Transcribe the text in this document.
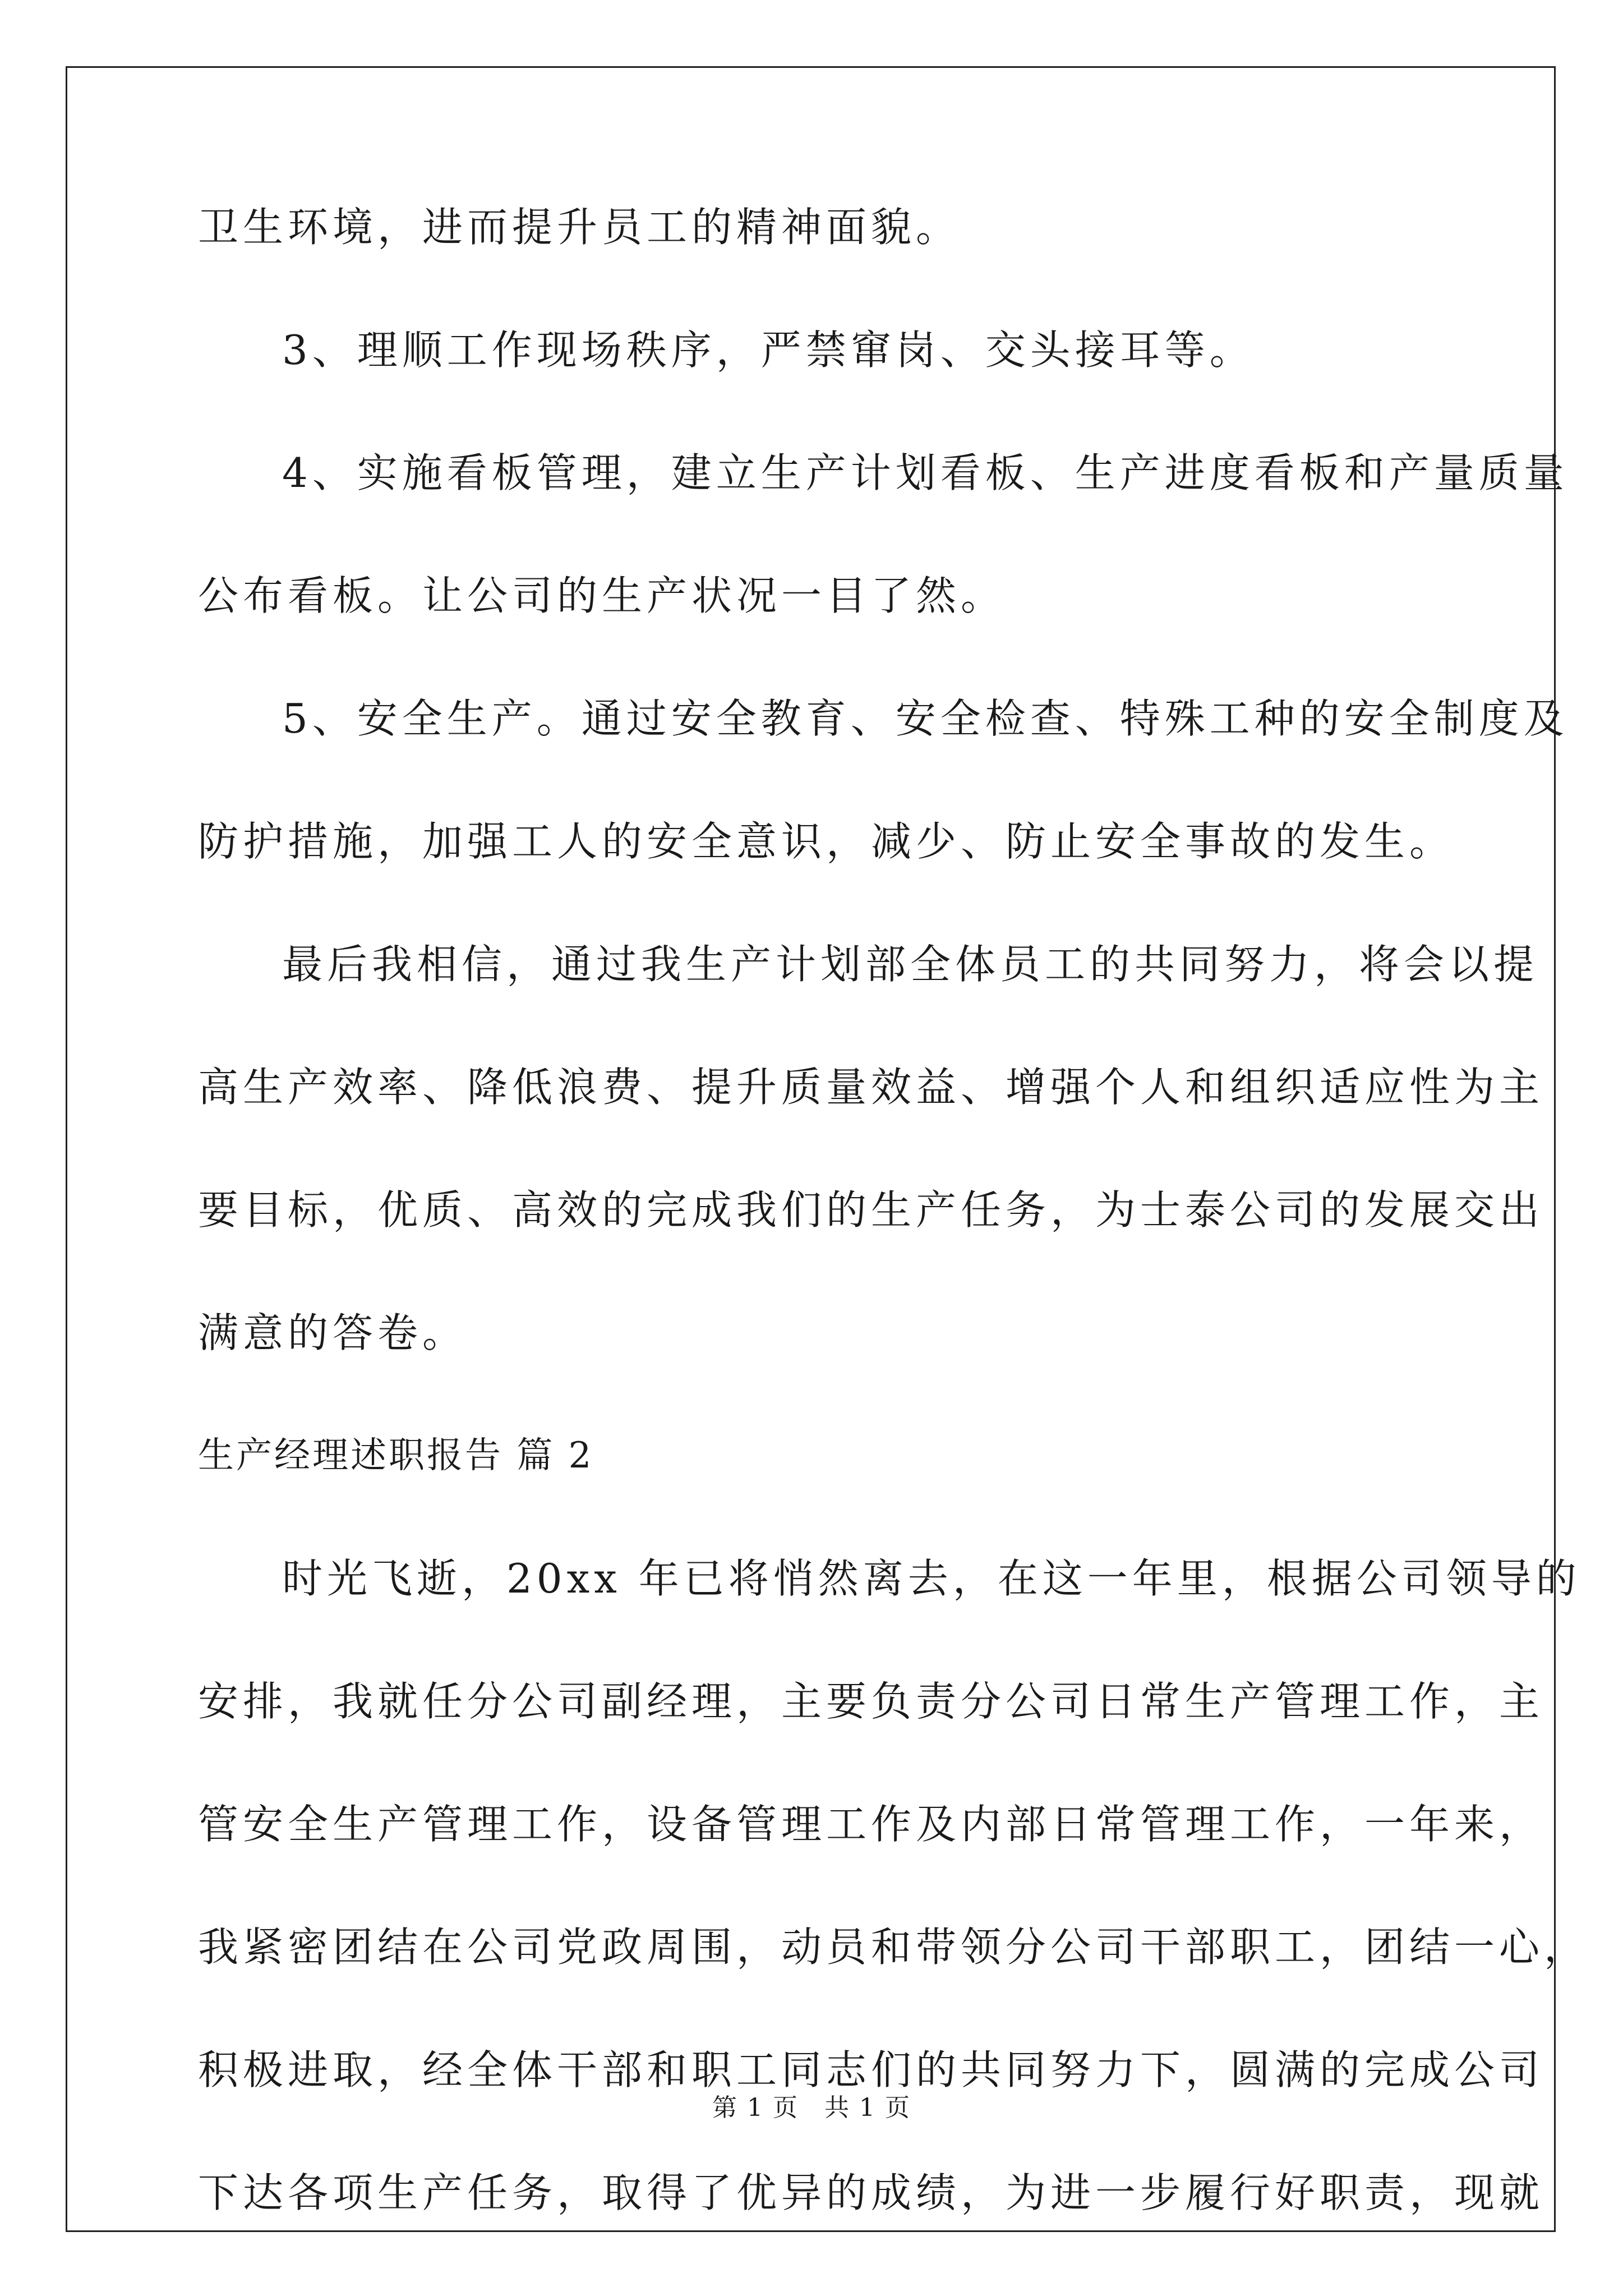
卫生环境，进而提升员工的精神面貌。
3、理顺工作现场秩序，严禁窜岗、交头接耳等。
4、实施看板管理，建立生产计划看板、生产进度看板和产量质量
公布看板。让公司的生产状况一目了然。
5、安全生产。通过安全教育、安全检查、特殊工种的安全制度及
防护措施，加强工人的安全意识，减少、防止安全事故的发生。
最后我相信，通过我生产计划部全体员工的共同努力，将会以提
高生产效率、降低浪费、提升质量效益、增强个人和组织适应性为主
要目标，优质、高效的完成我们的生产任务，为士泰公司的发展交出
满意的答卷。
生产经理述职报告 篇 2
时光飞逝，20xx 年已将悄然离去，在这一年里，根据公司领导的
安排，我就任分公司副经理，主要负责分公司日常生产管理工作，主
管安全生产管理工作，设备管理工作及内部日常管理工作，一年来，
我紧密团结在公司党政周围，动员和带领分公司干部职工，团结一心，
积极进取，经全体干部和职工同志们的共同努力下，圆满的完成公司
下达各项生产任务，取得了优异的成绩，为进一步履行好职责，现就
第 1 页　共 1 页
